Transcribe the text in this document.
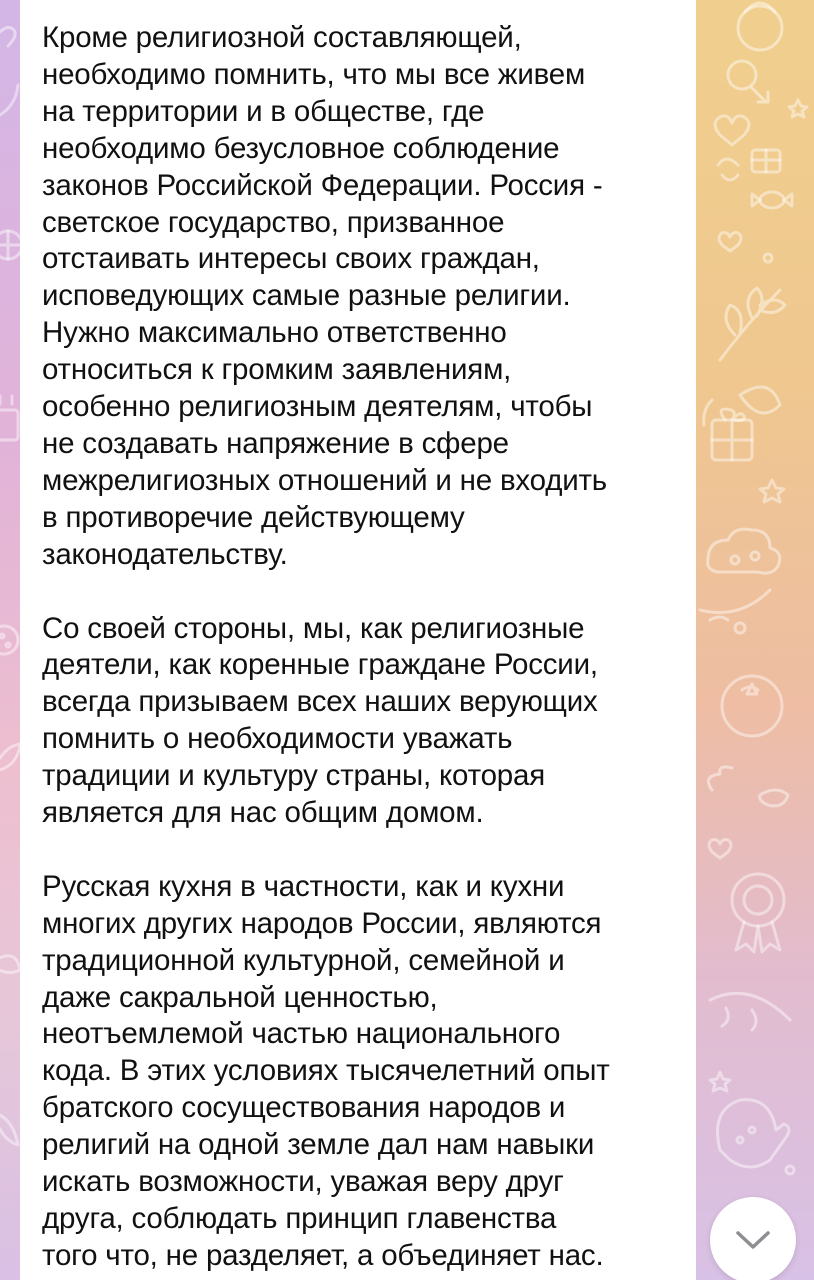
Кроме религиозной составляющей,
необходимо помнить, что мы все живем
на территории и в обществе, где
необходимо безусловное соблюдение
законов Российской Федерации. Россия -
светское государство, призванное
отстаивать интересы своих граждан,
исповедующих самые разные религии.
Нужно максимально ответственно
относиться к громким заявлениям,
особенно религиозным деятелям, чтобы
не создавать напряжение в сфере
межрелигиозных отношений и не входить
в противоречие действующему
законодательству.

Со своей стороны, мы, как религиозные
деятели, как коренные граждане России,
всегда призываем всех наших верующих
помнить о необходимости уважать
традиции и культуру страны, которая
является для нас общим домом.

Русская кухня в частности, как и кухни
многих других народов России, являются
традиционной культурной, семейной и
даже сакральной ценностью,
неотъемлемой частью национального
кода. В этих условиях тысячелетний опыт
братского сосуществования народов и
религий на одной земле дал нам навыки
искать возможности, уважая веру друг
друга, соблюдать принцип главенства
того что, не разделяет, а объединяет нас.
